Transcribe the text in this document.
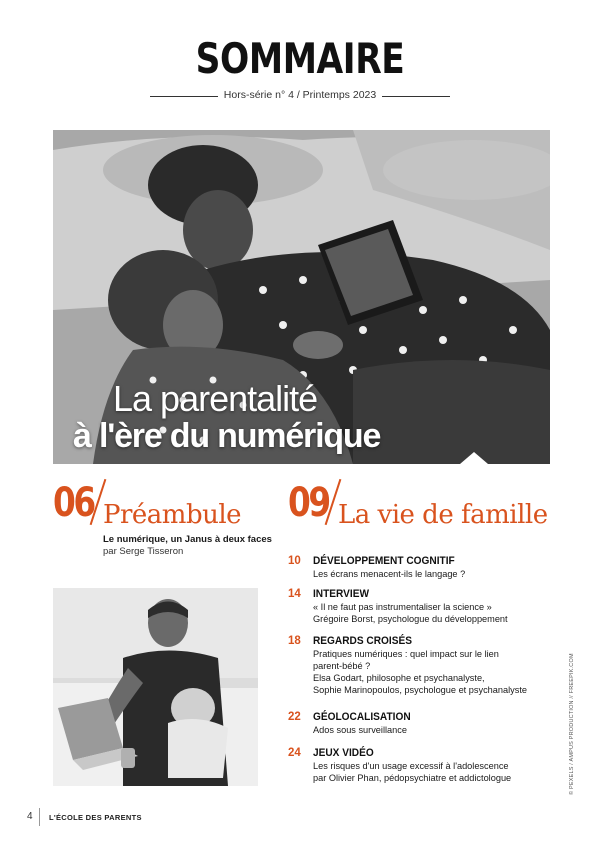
SOMMAIRE
Hors-série n° 4 / Printemps 2023
La parentalité
à l'ère du numérique
06 Préambule
Le numérique, un Janus à deux faces
par Serge Tisseron
09 La vie de famille
10 DÉVELOPPEMENT COGNITIF
Les écrans menacent-ils le langage ?
14 INTERVIEW
« Il ne faut pas instrumentaliser la science »
Grégoire Borst, psychologue du développement
18 REGARDS CROISÉS
Pratiques numériques : quel impact sur le lien parent-bébé ?
Elsa Godart, philosophe et psychanalyste,
Sophie Marinopoulos, psychologue et psychanalyste
22 GÉOLOCALISATION
Ados sous surveillance
24 JEUX VIDÉO
Les risques d'un usage excessif à l'adolescence
par Olivier Phan, pédopsychiatre et addictologue	© PEXELS / AMPUS PRODUCTION // FREEPIK.COM
4 L'ÉCOLE DES PARENTS
